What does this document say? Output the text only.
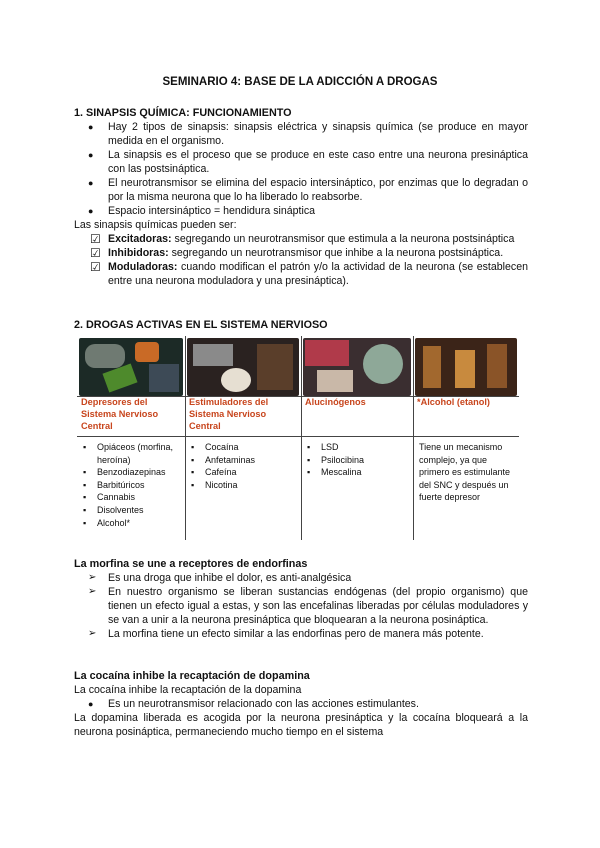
SEMINARIO 4: BASE DE LA ADICCIÓN A DROGAS
1. SINAPSIS QUÍMICA: FUNCIONAMIENTO
● Hay 2 tipos de sinapsis: sinapsis eléctrica y sinapsis química (se produce en mayor medida en el organismo.
● La sinapsis es el proceso que se produce en este caso entre una neurona presináptica con las postsináptica.
● El neurotransmisor se elimina del espacio intersináptico, por enzimas que lo degradan o por la misma neurona que lo ha liberado lo reabsorbe.
● Espacio intersináptico = hendidura sináptica
Las sinapsis químicas pueden ser:
☑ Excitadoras: segregando un neurotransmisor que estimula a la neurona postsináptica
☑ Inhibidoras: segregando un neurotransmisor que inhibe a la neurona postsináptica.
☑ Moduladoras: cuando modifican el patrón y/o la actividad de la neurona (se establecen entre una neurona moduladora y una presináptica).
2. DROGAS ACTIVAS EN EL SISTEMA NERVIOSO
Depresores del Sistema Nervioso Central
Estimuladores del Sistema Nervioso Central
Alucinógenos	*Alcohol (etanol)
▪ Opiáceos (morfina, heroína)
▪ Benzodiazepinas
▪ Barbitúricos
▪ Cannabis
▪ Disolventes
▪ Alcohol*
▪ Cocaína
▪ Anfetaminas
▪ Cafeína
▪ Nicotina
▪ LSD
▪ Psilocibina
▪ Mescalina
Tiene un mecanismo complejo, ya que primero es estimulante del SNC y después un fuerte depresor
La morfina se une a receptores de endorfinas
➢ Es una droga que inhibe el dolor, es anti-analgésica
➢ En nuestro organismo se liberan sustancias endógenas (del propio organismo) que tienen un efecto igual a estas, y son las encefalinas liberadas por células moduladores y se van a unir a la neurona presináptica que bloquearan a la neurona posináptica.
➢ La morfina tiene un efecto similar a las endorfinas pero de manera más potente.
La cocaína inhibe la recaptación de dopamina
La cocaína inhibe la recaptación de la dopamina
● Es un neurotransmisor relacionado con las acciones estimulantes.
La dopamina liberada es acogida por la neurona presináptica y la cocaína bloqueará a la neurona posináptica, permaneciendo mucho tiempo en el sistema
